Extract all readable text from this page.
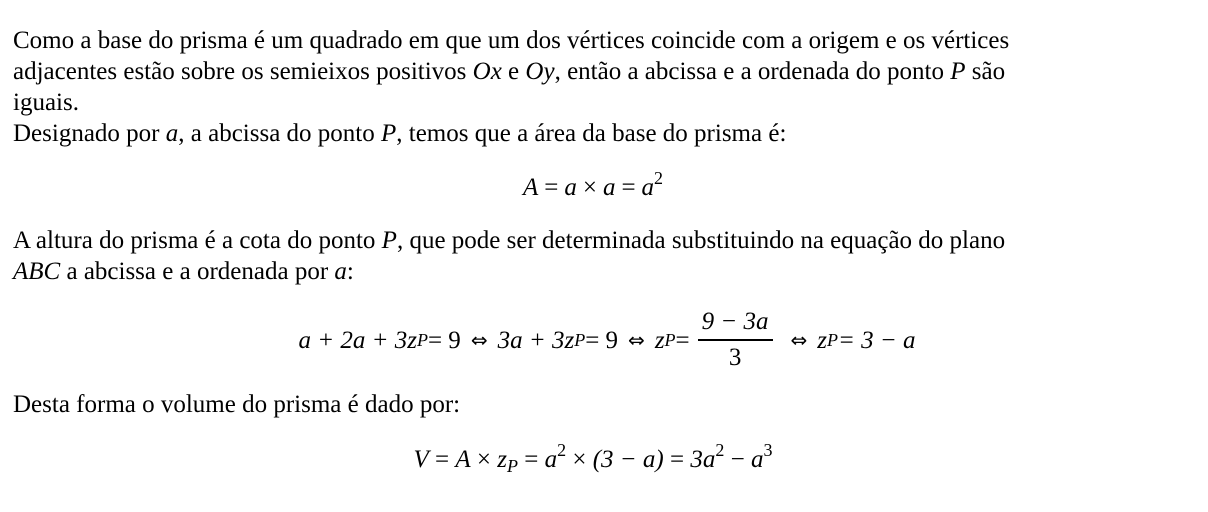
Como a base do prisma é um quadrado em que um dos vértices coincide com a origem e os vértices
adjacentes estão sobre os semieixos positivos Ox e Oy, então a abcissa e a ordenada do ponto P são
iguais.

Designado por a, a abcissa do ponto P, temos que a área da base do prisma é:

$A = a \times a = a^2$

A altura do prisma é a cota do ponto P, que pode ser determinada substituindo na equação do plano
ABC a abcissa e a ordenada por a:

a + 2a + 3z P = 9 ⇔ 3a + 3z P = 9 ⇔ z $P = \frac{9 - 3a}{3}$ ⇔ z P = 3 − a

Desta forma o volume do prisma é dado por:

$V = A \times z_P = a^2 \times (3 - a) = 3a^2 - a^3$
